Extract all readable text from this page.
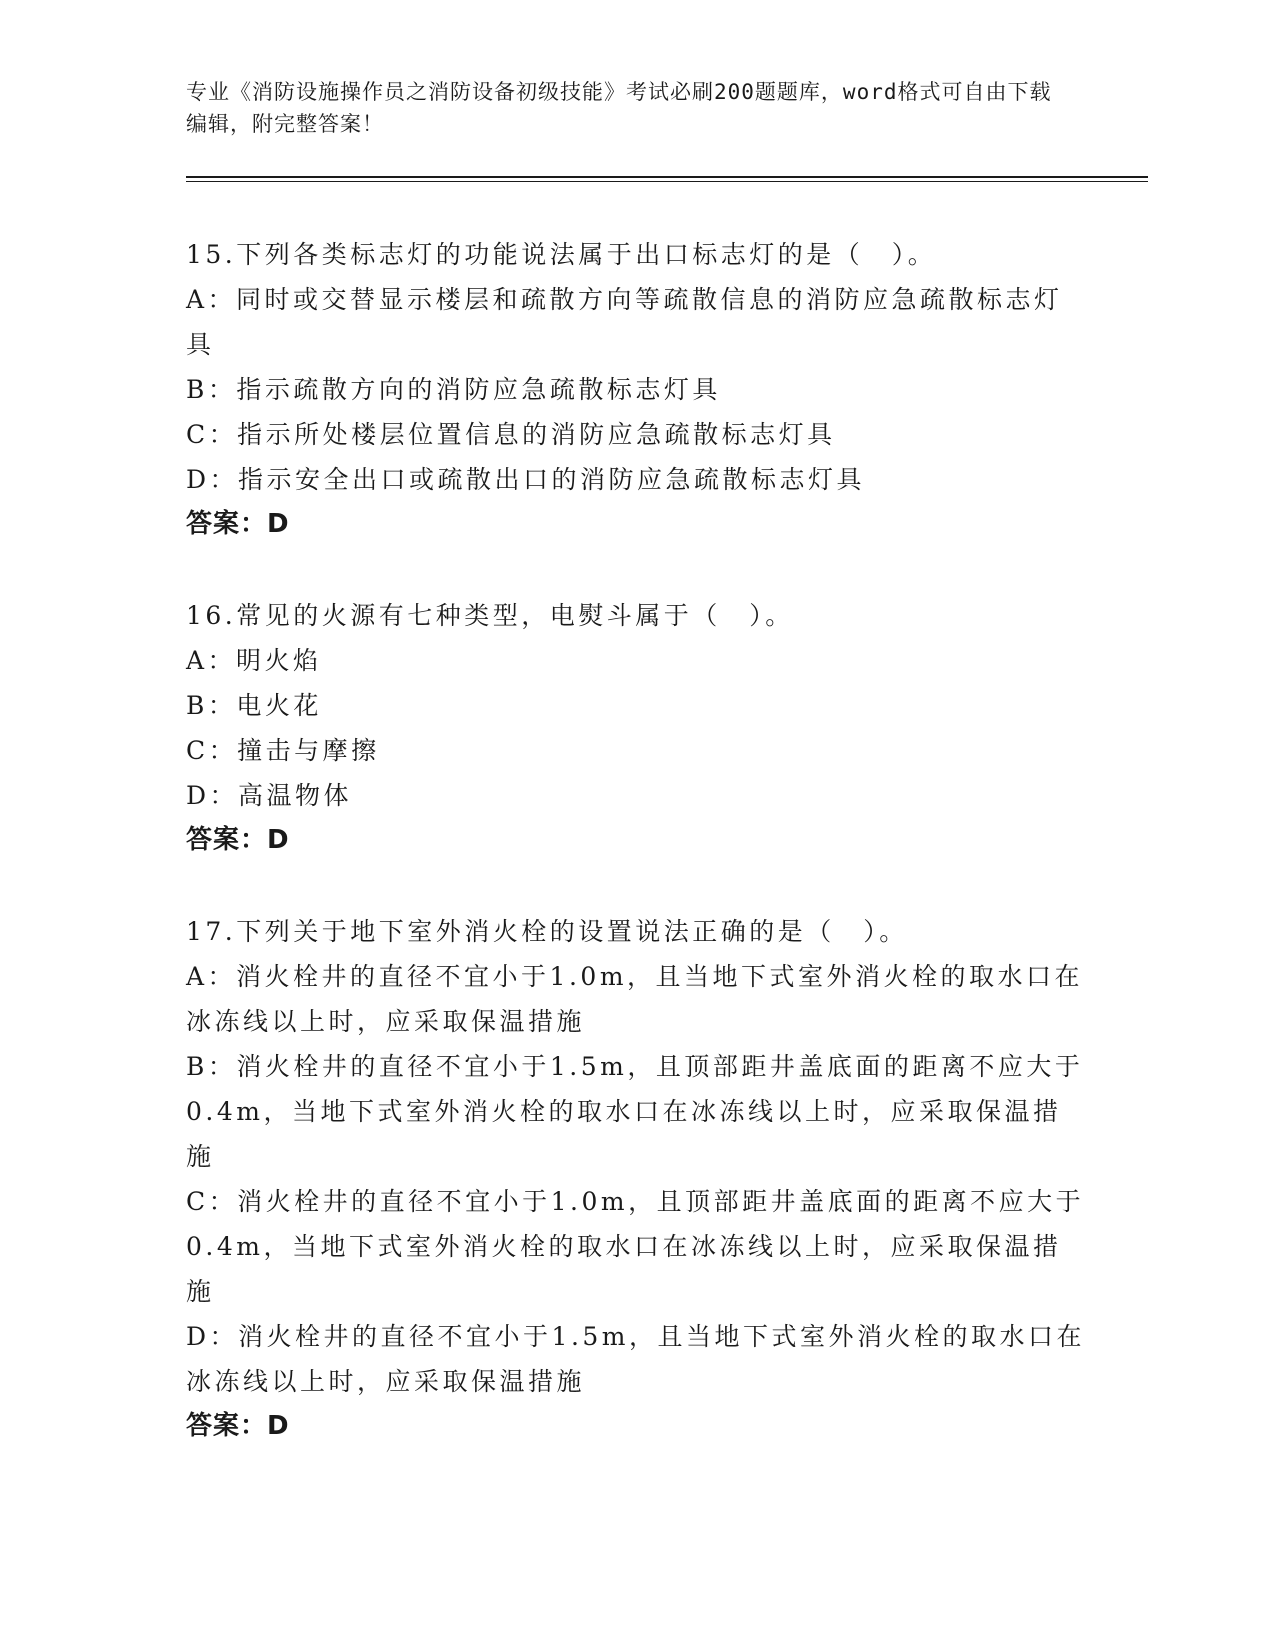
专业《消防设施操作员之消防设备初级技能》考试必刷200题题库，word格式可自由下载编辑，附完整答案！
15.下列各类标志灯的功能说法属于出口标志灯的是（　）。
A：同时或交替显示楼层和疏散方向等疏散信息的消防应急疏散标志灯具
B：指示疏散方向的消防应急疏散标志灯具
C：指示所处楼层位置信息的消防应急疏散标志灯具
D：指示安全出口或疏散出口的消防应急疏散标志灯具
答案：D
16.常见的火源有七种类型，电熨斗属于（　）。
A：明火焰
B：电火花
C：撞击与摩擦
D：高温物体
答案：D
17.下列关于地下室外消火栓的设置说法正确的是（　）。
A：消火栓井的直径不宜小于1.0m，且当地下式室外消火栓的取水口在冰冻线以上时，应采取保温措施
B：消火栓井的直径不宜小于1.5m，且顶部距井盖底面的距离不应大于0.4m，当地下式室外消火栓的取水口在冰冻线以上时，应采取保温措施
C：消火栓井的直径不宜小于1.0m，且顶部距井盖底面的距离不应大于0.4m，当地下式室外消火栓的取水口在冰冻线以上时，应采取保温措施
D：消火栓井的直径不宜小于1.5m，且当地下式室外消火栓的取水口在冰冻线以上时，应采取保温措施
答案：D
